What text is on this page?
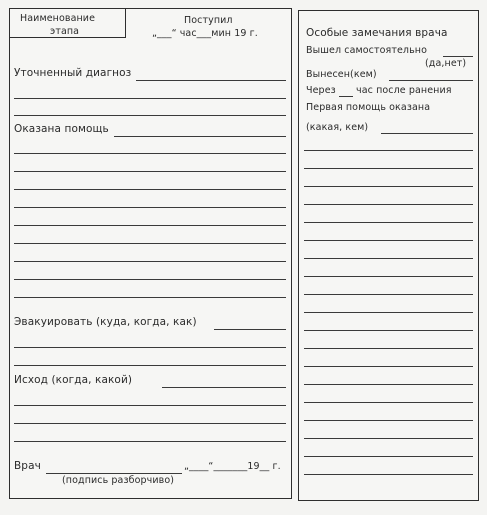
Наименование
этапа
Поступил
„___“ час___мин 19 г.
Уточненный диагноз
Оказана помощь
Эвакуировать (куда, когда, как)
Исход (когда, какой)
Врач	„____“_______19__ г.
(подпись разборчиво)
Особые замечания врача
Вышел самостоятельно
(да,нет)
Вынесен(кем)
Через час после ранения
Первая помощь оказана
(какая, кем)
